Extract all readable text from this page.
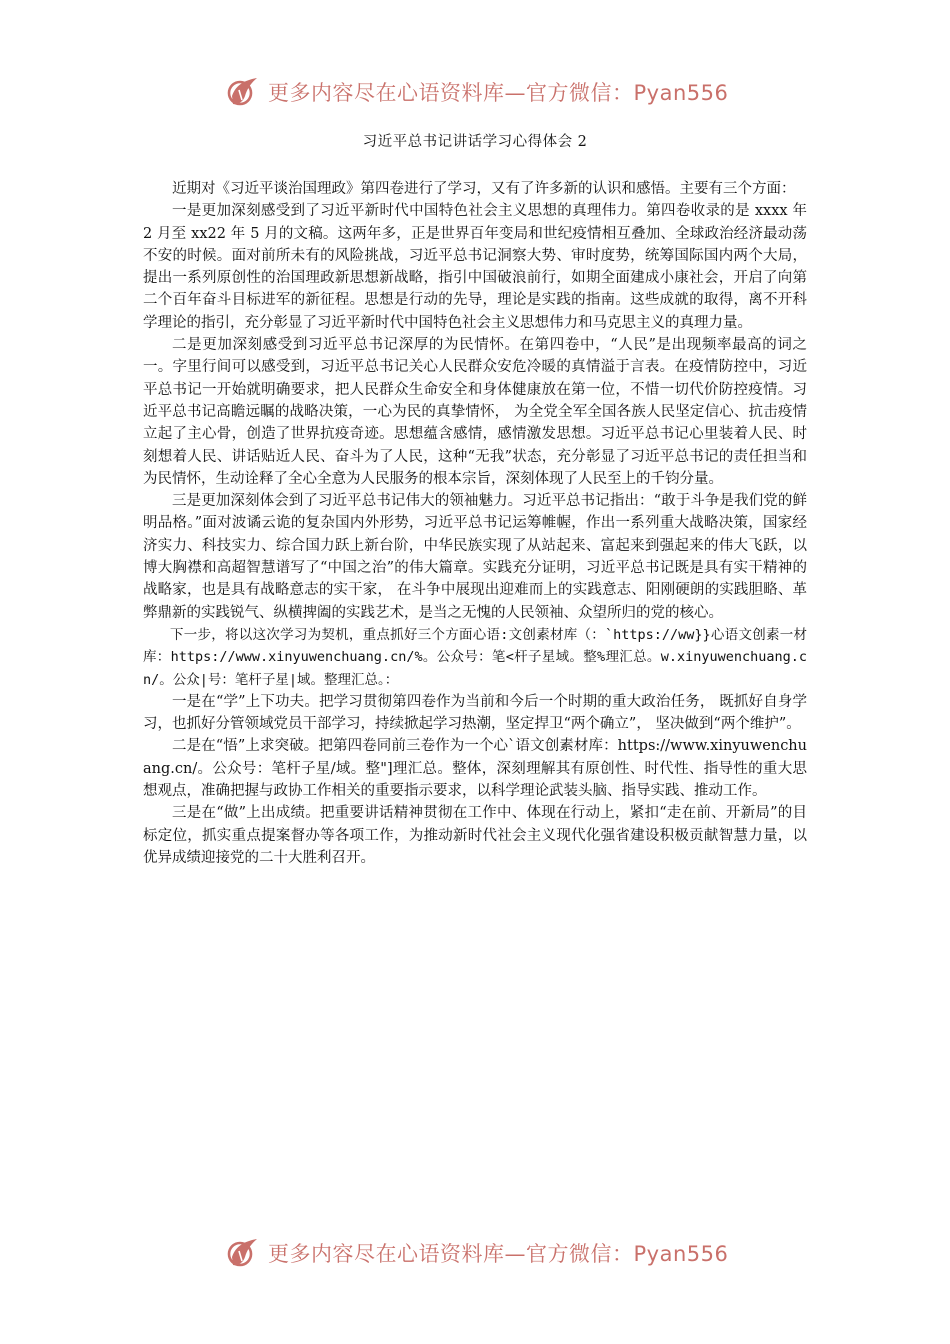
更多内容尽在心语资料库—官方微信：Pyan556
习近平总书记讲话学习心得体会 2

近期对《习近平谈治国理政》第四卷进行了学习，又有了许多新的认识和感悟。主要有三个方面：

一是更加深刻感受到了习近平新时代中国特色社会主义思想的真理伟力。第四卷收录的是 xxxx 年 2 月至 xx22 年 5 月的文稿。这两年多，正是世界百年变局和世纪疫情相互叠加、全球政治经济最动荡不安的时候。面对前所未有的风险挑战，习近平总书记洞察大势、审时度势，统筹国际国内两个大局，提出一系列原创性的治国理政新思想新战略，指引中国破浪前行，如期全面建成小康社会，开启了向第二个百年奋斗目标进军的新征程。思想是行动的先导，理论是实践的指南。这些成就的取得，离不开科学理论的指引，充分彰显了习近平新时代中国特色社会主义思想伟力和马克思主义的真理力量。

二是更加深刻感受到习近平总书记深厚的为民情怀。在第四卷中，“人民”是出现频率最高的词之一。字里行间可以感受到，习近平总书记关心人民群众安危冷暖的真情溢于言表。在疫情防控中，习近平总书记一开始就明确要求，把人民群众生命安全和身体健康放在第一位，不惜一切代价防控疫情。习近平总书记高瞻远瞩的战略决策，一心为民的真挚情怀， 为全党全军全国各族人民坚定信心、抗击疫情立起了主心骨，创造了世界抗疫奇迹。思想蕴含感情，感情激发思想。习近平总书记心里装着人民、时刻想着人民、讲话贴近人民、奋斗为了人民，这种“无我”状态，充分彰显了习近平总书记的责任担当和为民情怀，生动诠释了全心全意为人民服务的根本宗旨，深刻体现了人民至上的千钧分量。

三是更加深刻体会到了习近平总书记伟大的领袖魅力。习近平总书记指出：“敢于斗争是我们党的鲜明品格。”面对波谲云诡的复杂国内外形势，习近平总书记运筹帷幄，作出一系列重大战略决策，国家经济实力、科技实力、综合国力跃上新台阶，中华民族实现了从站起来、富起来到强起来的伟大飞跃，以博大胸襟和高超智慧谱写了“中国之治”的伟大篇章。实践充分证明，习近平总书记既是具有实干精神的战略家，也是具有战略意志的实干家， 在斗争中展现出迎难而上的实践意志、阳刚硬朗的实践胆略、革弊鼎新的实践锐气、纵横捭阖的实践艺术，是当之无愧的人民领袖、众望所归的党的核心。

下一步，将以这次学习为契机，重点抓好三个方面心语:文创素材库（：`https://ww}}心语文创素一材库：https://www.xinyuwenchuang.cn/%。公众号：笔<杆子星域。整%理汇总。w.xinyuwenchuang.cn/。公众|号：笔杆子星|域。整理汇总。：

一是在“学”上下功夫。把学习贯彻第四卷作为当前和今后一个时期的重大政治任务， 既抓好自身学习，也抓好分管领域党员干部学习，持续掀起学习热潮，坚定捍卫“两个确立”， 坚决做到“两个维护”。

二是在“悟”上求突破。把第四卷同前三卷作为一个心`语文创素材库：https://www.xinyuwenchuang.cn/。公众号：笔杆子星/域。整"]理汇总。整体，深刻理解其有原创性、时代性、指导性的重大思想观点，准确把握与政协工作相关的重要指示要求，以科学理论武装头脑、指导实践、推动工作。

三是在“做”上出成绩。把重要讲话精神贯彻在工作中、体现在行动上，紧扣“走在前、开新局”的目标定位，抓实重点提案督办等各项工作，为推动新时代社会主义现代化强省建设积极贡献智慧力量，以优异成绩迎接党的二十大胜利召开。

更多内容尽在心语资料库—官方微信：Pyan556
